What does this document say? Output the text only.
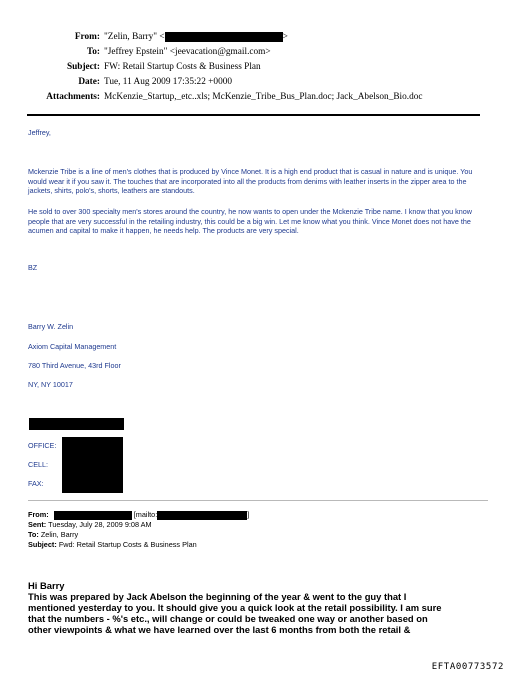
From: "Zelin, Barry" <	>
To: "Jeffrey Epstein" <jeevacation@gmail.com>
Subject: FW: Retail Startup Costs & Business Plan
Date: Tue, 11 Aug 2009 17:35:22 +0000
Attachments: McKenzie_Startup,_etc..xls; McKenzie_Tribe_Bus_Plan.doc; Jack_Abelson_Bio.doc
Jeffrey,
Mckenzie Tribe is a line of men's clothes that is produced by Vince Monet. It is a high end product that is casual in nature and is unique. You would wear it if you saw it. The touches that are incorporated into all the products from denims with leather inserts in the zipper area to the jackets, shirts, polo's, shorts, leathers are standouts.
He sold to over 300 specialty men's stores around the country, he now wants to open under the Mckenzie Tribe name. I know that you know people that are very successful in the retailing industry, this could be a big win. Let me know what you think. Vince Monet does not have the acumen and capital to make it happen, he needs help. The products are very special.
BZ
Barry W. Zelin
Axiom Capital Management
780 Third Avenue, 43rd Floor
NY, NY 10017
OFFICE:
CELL:
FAX:
From:	[mailto:	]
Sent: Tuesday, July 28, 2009 9:08 AM
To: Zelin, Barry
Subject: Fwd: Retail Startup Costs & Business Plan
Hi Barry
This was prepared by Jack Abelson the beginning of the year & went to the guy that I
mentioned yesterday to you. It should give you a quick look at the retail possibility. I am sure
that the numbers - %'s etc., will change or could be tweaked one way or another based on
other viewpoints & what we have learned over the last 6 months from both the retail &
EFTA00773572
